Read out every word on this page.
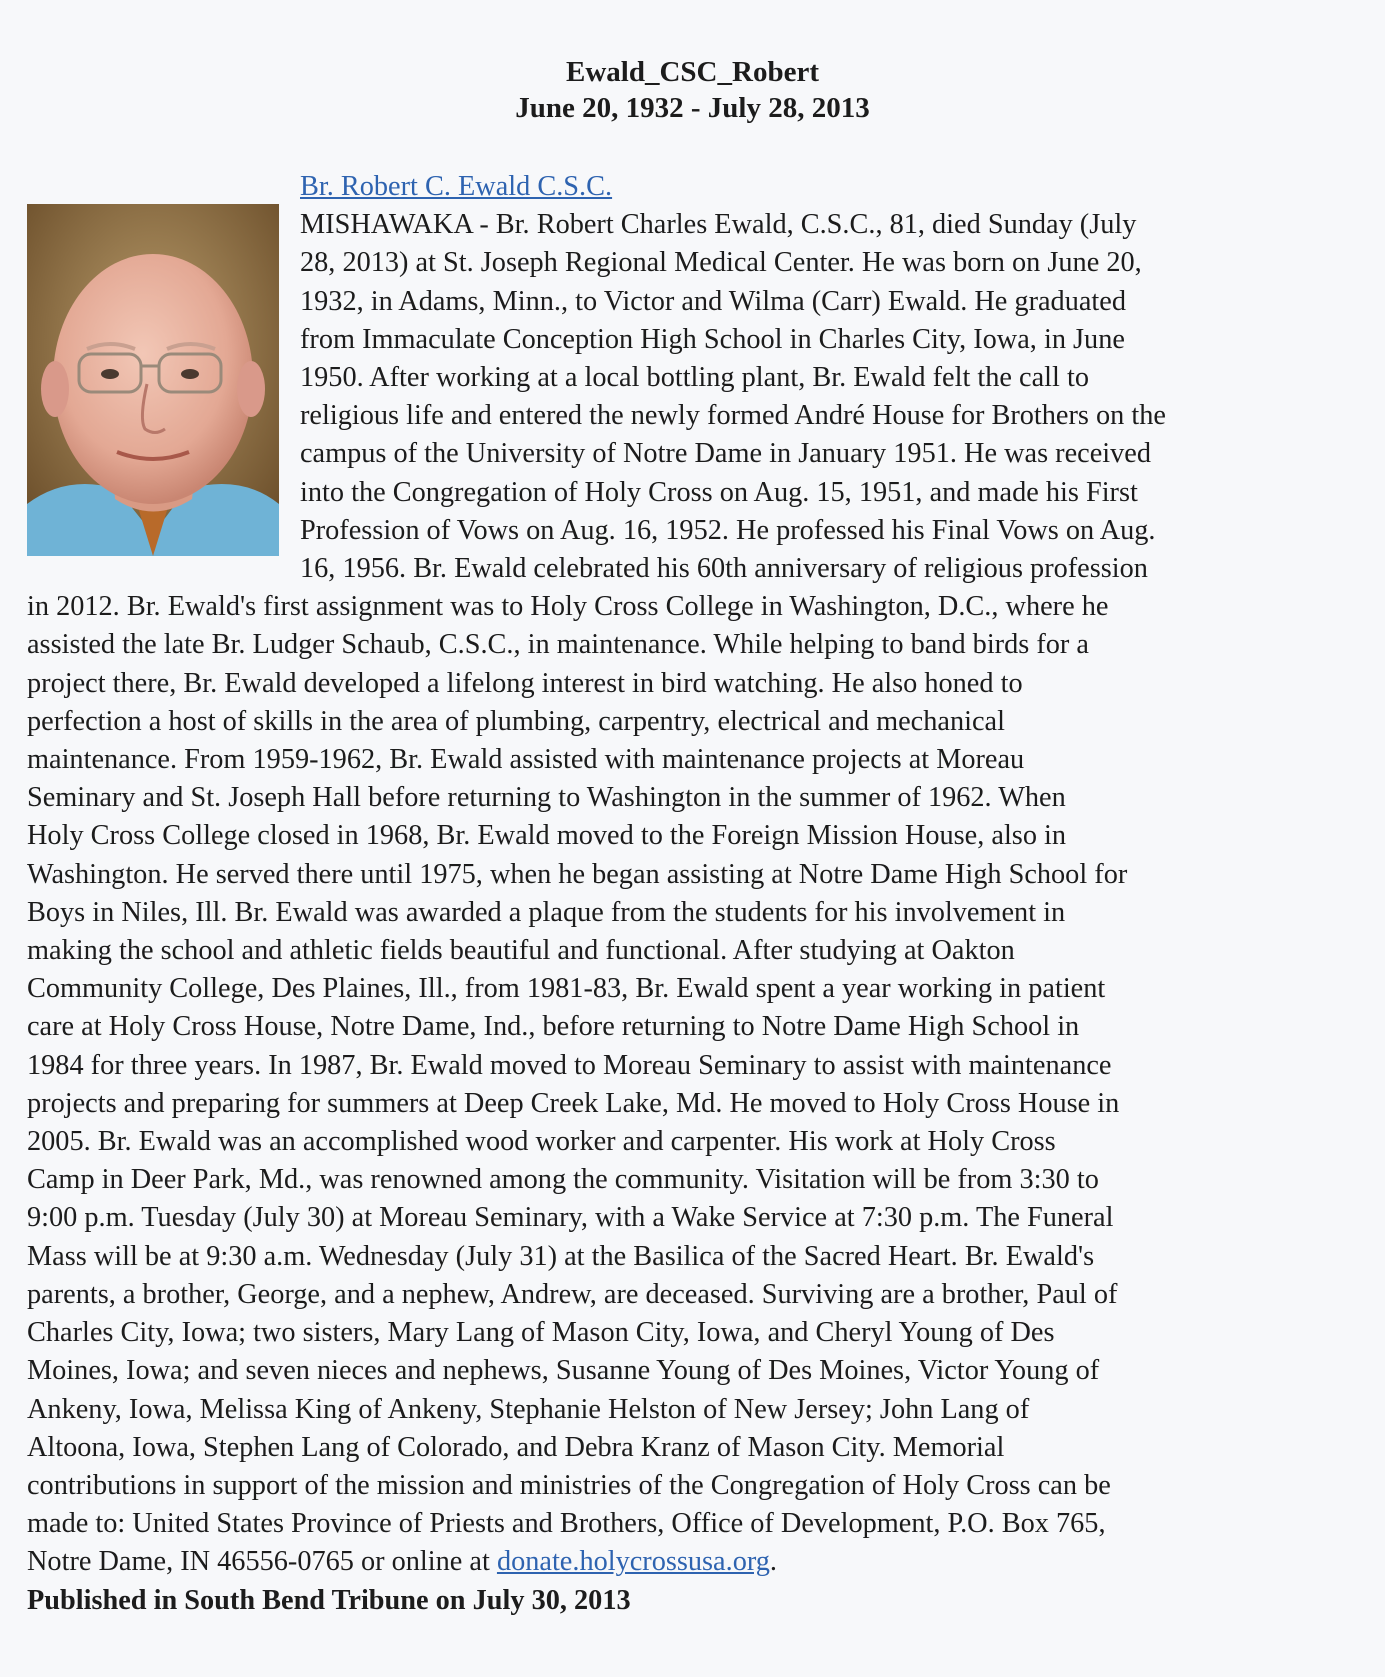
Ewald_CSC_Robert
June 20, 1932 - July 28, 2013
Br. Robert C. Ewald C.S.C.
MISHAWAKA - Br. Robert Charles Ewald, C.S.C., 81, died Sunday (July
28, 2013) at St. Joseph Regional Medical Center. He was born on June 20,
1932, in Adams, Minn., to Victor and Wilma (Carr) Ewald. He graduated
from Immaculate Conception High School in Charles City, Iowa, in June
1950. After working at a local bottling plant, Br. Ewald felt the call to
religious life and entered the newly formed André House for Brothers on the
campus of the University of Notre Dame in January 1951. He was received
into the Congregation of Holy Cross on Aug. 15, 1951, and made his First
Profession of Vows on Aug. 16, 1952. He professed his Final Vows on Aug.
16, 1956. Br. Ewald celebrated his 60th anniversary of religious profession
in 2012. Br. Ewald's first assignment was to Holy Cross College in Washington, D.C., where he
assisted the late Br. Ludger Schaub, C.S.C., in maintenance. While helping to band birds for a
project there, Br. Ewald developed a lifelong interest in bird watching. He also honed to
perfection a host of skills in the area of plumbing, carpentry, electrical and mechanical
maintenance. From 1959-1962, Br. Ewald assisted with maintenance projects at Moreau
Seminary and St. Joseph Hall before returning to Washington in the summer of 1962. When
Holy Cross College closed in 1968, Br. Ewald moved to the Foreign Mission House, also in
Washington. He served there until 1975, when he began assisting at Notre Dame High School for
Boys in Niles, Ill. Br. Ewald was awarded a plaque from the students for his involvement in
making the school and athletic fields beautiful and functional. After studying at Oakton
Community College, Des Plaines, Ill., from 1981-83, Br. Ewald spent a year working in patient
care at Holy Cross House, Notre Dame, Ind., before returning to Notre Dame High School in
1984 for three years. In 1987, Br. Ewald moved to Moreau Seminary to assist with maintenance
projects and preparing for summers at Deep Creek Lake, Md. He moved to Holy Cross House in
2005. Br. Ewald was an accomplished wood worker and carpenter. His work at Holy Cross
Camp in Deer Park, Md., was renowned among the community. Visitation will be from 3:30 to
9:00 p.m. Tuesday (July 30) at Moreau Seminary, with a Wake Service at 7:30 p.m. The Funeral
Mass will be at 9:30 a.m. Wednesday (July 31) at the Basilica of the Sacred Heart. Br. Ewald's
parents, a brother, George, and a nephew, Andrew, are deceased. Surviving are a brother, Paul of
Charles City, Iowa; two sisters, Mary Lang of Mason City, Iowa, and Cheryl Young of Des
Moines, Iowa; and seven nieces and nephews, Susanne Young of Des Moines, Victor Young of
Ankeny, Iowa, Melissa King of Ankeny, Stephanie Helston of New Jersey; John Lang of
Altoona, Iowa, Stephen Lang of Colorado, and Debra Kranz of Mason City. Memorial
contributions in support of the mission and ministries of the Congregation of Holy Cross can be
made to: United States Province of Priests and Brothers, Office of Development, P.O. Box 765,
Notre Dame, IN 46556-0765 or online at donate.holycrossusa.org.
Published in South Bend Tribune on July 30, 2013
